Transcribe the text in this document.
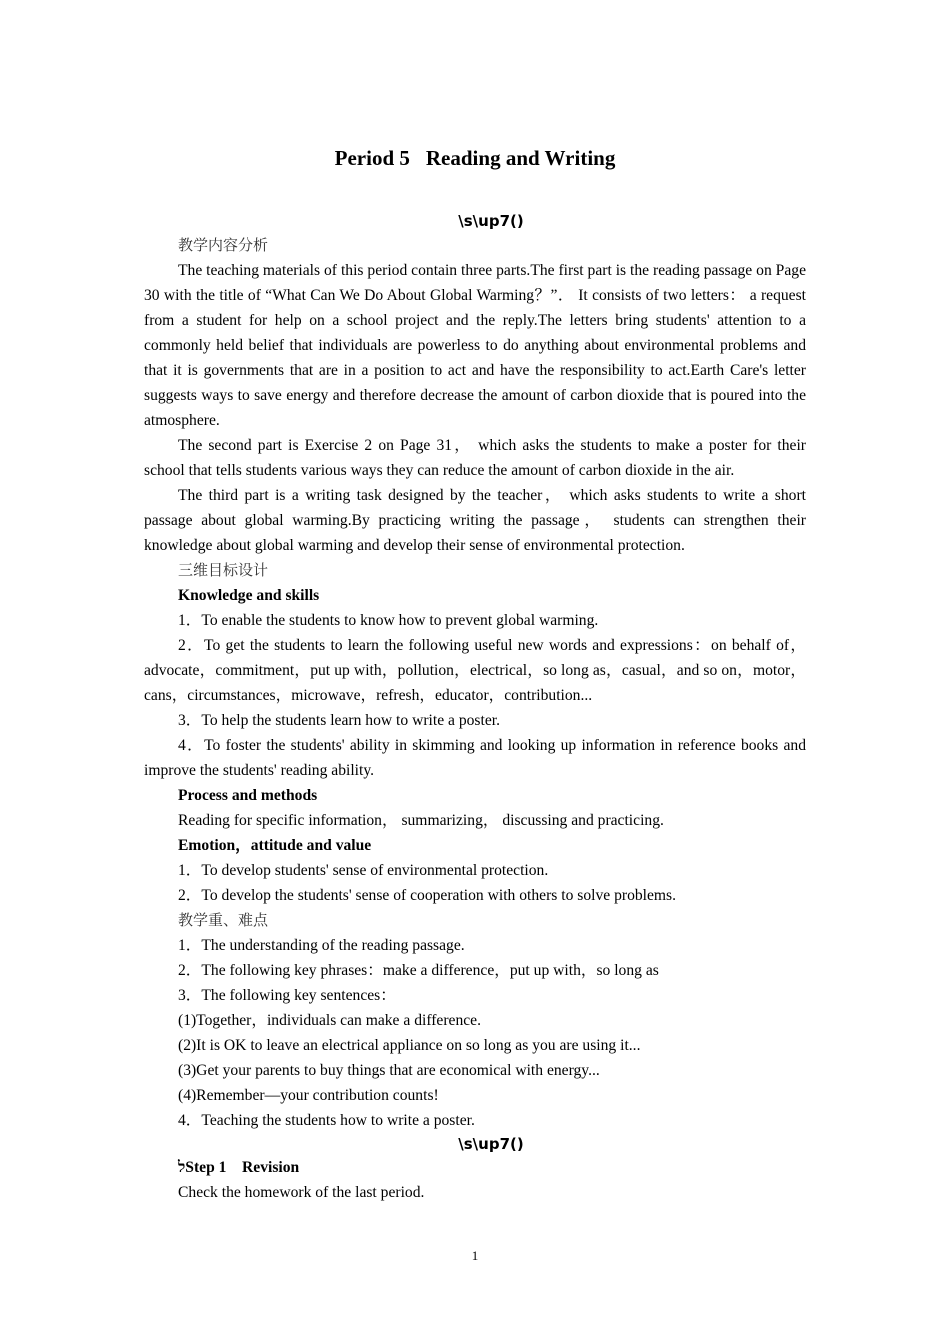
Period 5 Reading and Writing
\s\up7()

教学内容分析

The teaching materials of this period contain three parts.The first part is the reading passage on Page 30 with the title of “What Can We Do About Global Warming？”． It consists of two letters： a request from a student for help on a school project and the reply.The letters bring students' attention to a commonly held belief that individuals are powerless to do anything about environmental problems and that it is governments that are in a position to act and have the responsibility to act.Earth Care's letter suggests ways to save energy and therefore decrease the amount of carbon dioxide that is poured into the atmosphere.

The second part is Exercise 2 on Page 31， which asks the students to make a poster for their school that tells students various ways they can reduce the amount of carbon dioxide in the air.

The third part is a writing task designed by the teacher， which asks students to write a short passage about global warming.By practicing writing the passage， students can strengthen their knowledge about global warming and develop their sense of environmental protection.

三维目标设计

Knowledge and skills

1．To enable the students to know how to prevent global warming.

2．To get the students to learn the following useful new words and expressions：on behalf of，advocate，commitment，put up with，pollution，electrical，so long as，casual，and so on，motor，cans，circumstances，microwave，refresh，educator，contribution...

3．To help the students learn how to write a poster.

4．To foster the students' ability in skimming and looking up information in reference books and improve the students' reading ability.

Process and methods

Reading for specific information， summarizing， discussing and practicing.

Emotion，attitude and value

1．To develop students' sense of environmental protection.

2．To develop the students' sense of cooperation with others to solve problems.

教学重、难点

1．The understanding of the reading passage.

2．The following key phrases：make a difference，put up with，so long as

3．The following key sentences：

(1)Together，individuals can make a difference.

(2)It is OK to leave an electrical appliance on so long as you are using it...

(3)Get your parents to buy things that are economical with energy...

(4)Remember—your contribution counts!

4．Teaching the students how to write a poster.

\s\up7()

לStep 1　Revision

Check the homework of the last period.

1
